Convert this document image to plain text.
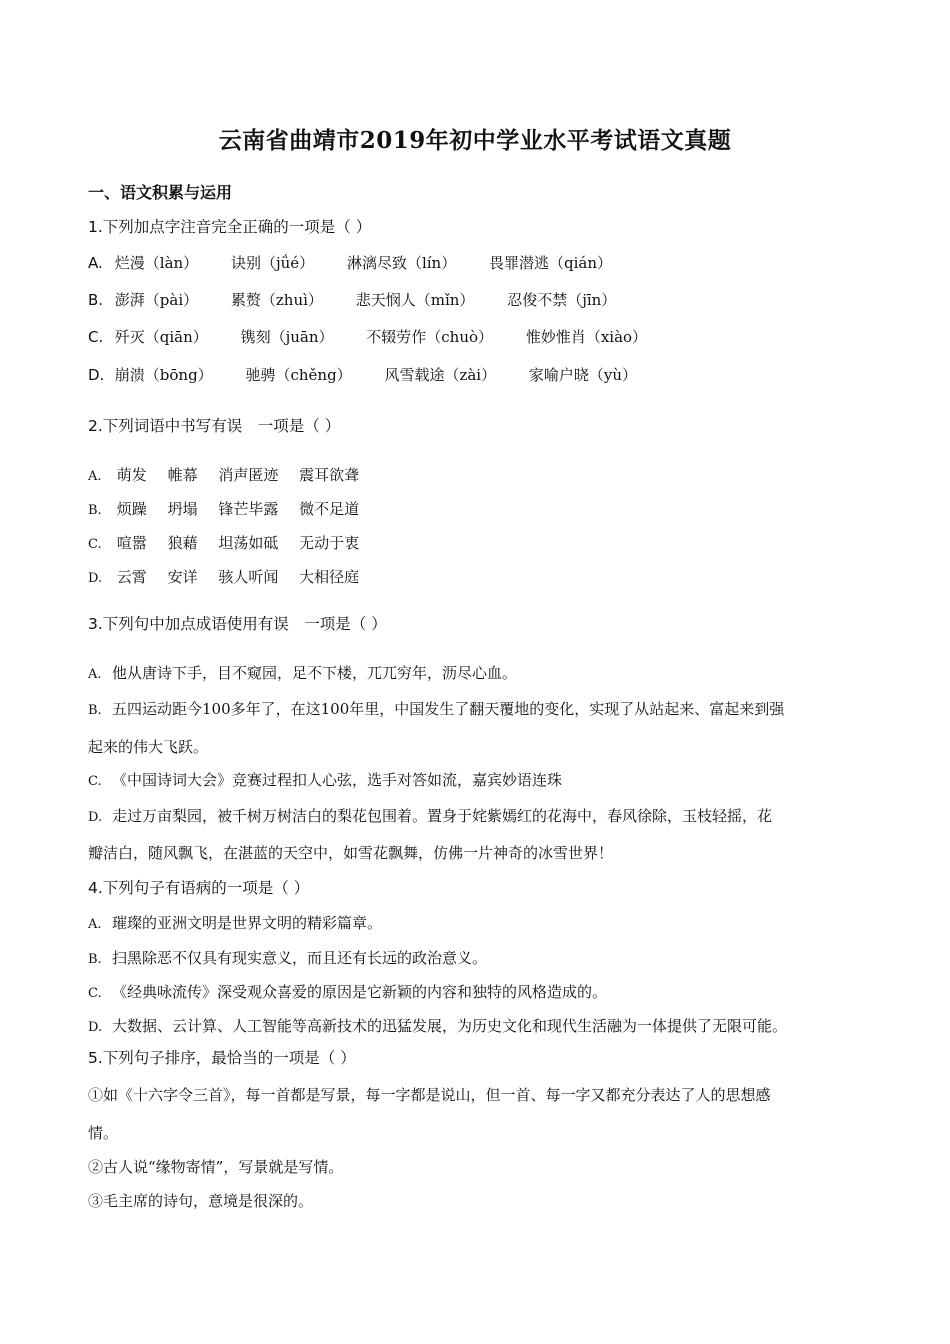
云南省曲靖市2019年初中学业水平考试语文真题
一、语文积累与运用
1.下列加点字注音完全正确的一项是（ ）
A. 烂漫（làn） 诀别（jǘé） 淋漓尽致（lín） 畏罪潜逃（qián）
B. 澎湃（pài） 累赘（zhuì） 悲天悯人（mǐn） 忍俊不禁（jīn）
C. 歼灭（qiān） 镌刻（juān） 不辍劳作（chuò） 惟妙惟肖（xiào）
D. 崩溃（bōng） 驰骋（chěng） 风雪载途（zài） 家喻户晓（yù）
2.下列词语中书写有误　一项是（ ）
A. 萌发 帷幕 消声匿迹 震耳欲聋
B. 烦躁 坍塌 锋芒毕露 微不足道
C. 喧嚣 狼藉 坦荡如砥 无动于衷
D. 云霄 安详 骇人听闻 大相径庭
3.下列句中加点成语使用有误　一项是（ ）
A. 他从唐诗下手，目不窥园，足不下楼，兀兀穷年，沥尽心血。
B. 五四运动距今100多年了，在这100年里，中国发生了翻天覆地的变化，实现了从站起来、富起来到强
起来的伟大飞跃。
C. 《中国诗词大会》竞赛过程扣人心弦，选手对答如流，嘉宾妙语连珠
D. 走过万亩梨园，被千树万树洁白的梨花包围着。置身于姹紫嫣红的花海中，春风徐除，玉枝轻摇，花
瓣洁白，随风飘飞，在湛蓝的天空中，如雪花飘舞，仿佛一片神奇的冰雪世界！
4.下列句子有语病的一项是（ ）
A. 璀璨的亚洲文明是世界文明的精彩篇章。
B. 扫黑除恶不仅具有现实意义，而且还有长远的政治意义。
C. 《经典咏流传》深受观众喜爱的原因是它新颖的内容和独特的风格造成的。
D. 大数据、云计算、人工智能等高新技术的迅猛发展，为历史文化和现代生活融为一体提供了无限可能。
5.下列句子排序，最恰当的一项是（ ）
①如《十六字令三首》，每一首都是写景，每一字都是说山，但一首、每一字又都充分表达了人的思想感
情。
②古人说“缘物寄情”，写景就是写情。
③毛主席的诗句，意境是很深的。
